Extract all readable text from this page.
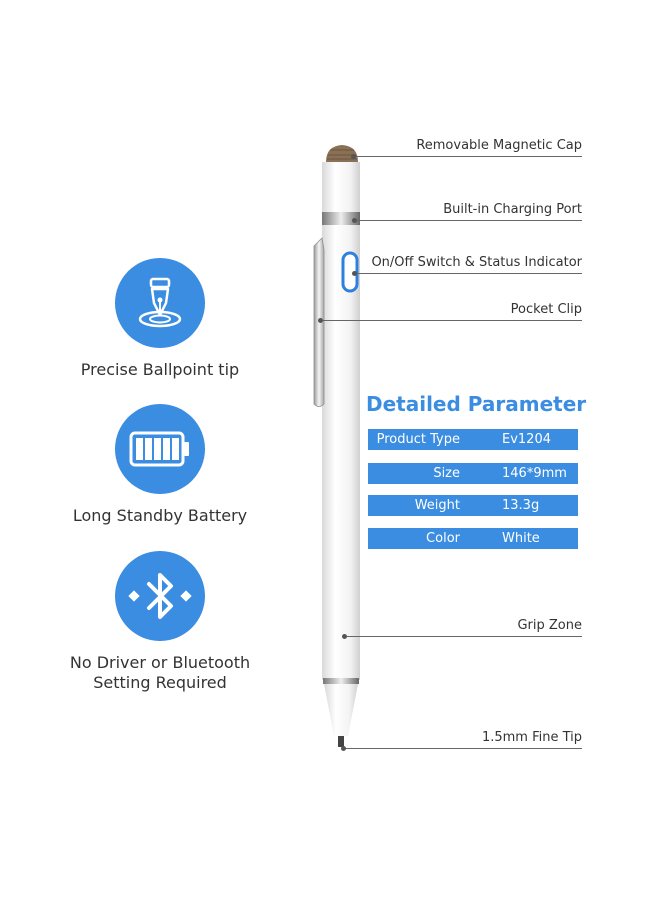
Precise Ballpoint tip
Long Standby Battery
No Driver or Bluetooth
Setting Required
Removable Magnetic Cap
Built-in Charging Port
On/Off Switch & Status Indicator
Pocket Clip
Grip Zone
1.5mm Fine Tip
Detailed Parameter
Product Type	Ev1204
Size	146*9mm
Weight	13.3g
Color	White
